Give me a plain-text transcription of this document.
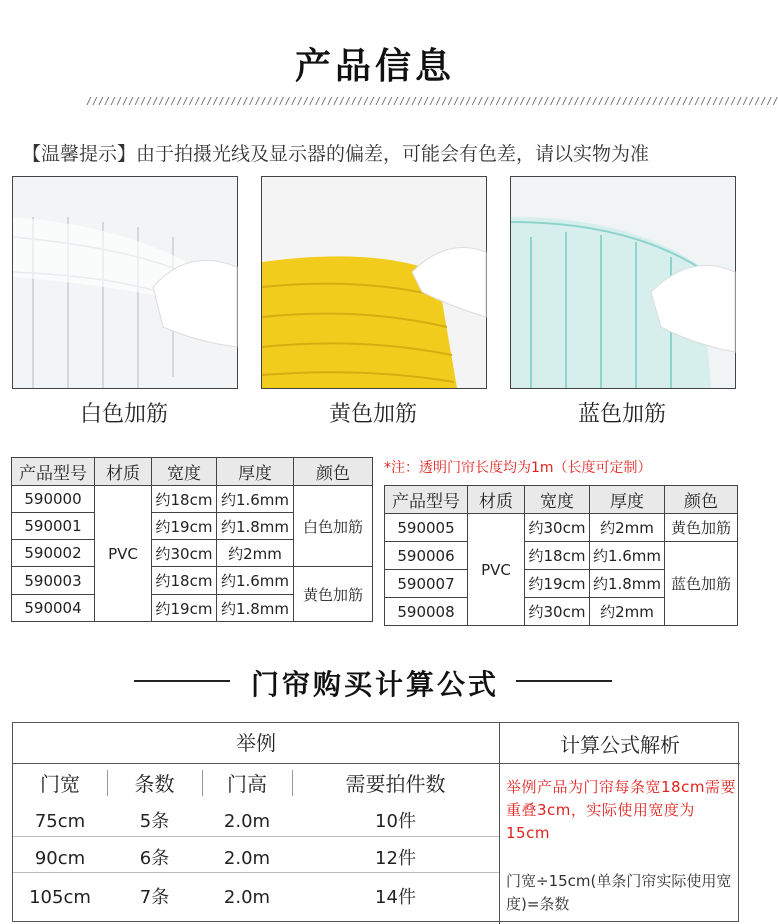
产品信息
///////////////////////////////////////////////////////////////////////////////////////////////////////////////////
【温馨提示】由于拍摄光线及显示器的偏差，可能会有色差，请以实物为准
白色加筋	黄色加筋	蓝色加筋
产品型号	材质	宽度	厚度	颜色
590000	PVC	约18cm	约1.6mm	白色加筋
590001		约19cm	约1.8mm	
590002		约30cm	约2mm	
590003		约18cm	约1.6mm	黄色加筋
590004		约19cm	约1.8mm	
*注：透明门帘长度均为1m（长度可定制）
产品型号	材质	宽度	厚度	颜色
590005	PVC	约30cm	约2mm	黄色加筋
590006		约18cm	约1.6mm	蓝色加筋
590007		约19cm	约1.8mm	
590008		约30cm	约2mm	
门帘购买计算公式
举例	计算公式解析
门宽	条数	门高	需要拍件数
75cm	5条	2.0m	10件
90cm	6条	2.0m	12件
105cm	7条	2.0m	14件
举例产品为门帘每条宽18cm需要重叠3cm，实际使用宽度为15cm
门宽÷15cm(单条门帘实际使用宽度)=条数
